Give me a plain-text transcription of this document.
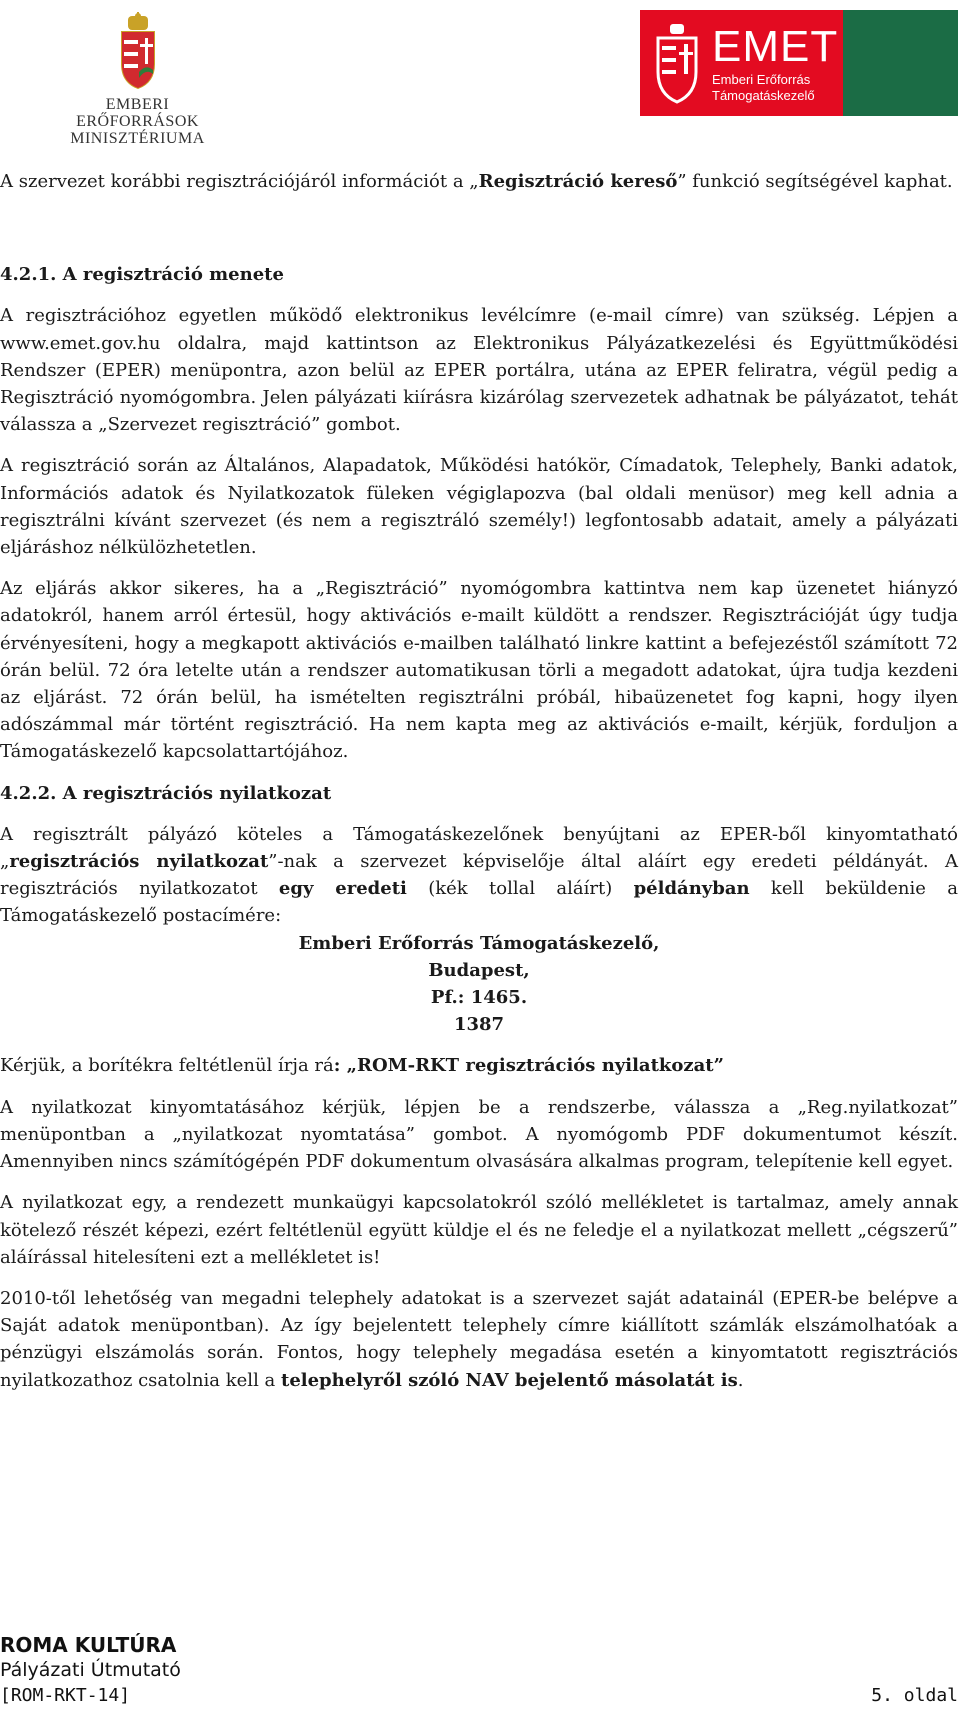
EMBERI ERŐFORRÁSOK
MINISZTÉRIUMA
EMET
Emberi Erőforrás
Támogatáskezelő

A szervezet korábbi regisztrációjáról információt a „Regisztráció kereső” funkció segítségével kaphat.

4.2.1. A regisztráció menete

A regisztrációhoz egyetlen működő elektronikus levélcímre (e-mail címre) van szükség. Lépjen a www.emet.gov.hu oldalra, majd kattintson az Elektronikus Pályázatkezelési és Együttműködési Rendszer (EPER) menüpontra, azon belül az EPER portálra, utána az EPER feliratra, végül pedig a Regisztráció nyomógombra. Jelen pályázati kiírásra kizárólag szervezetek adhatnak be pályázatot, tehát válassza a „Szervezet regisztráció” gombot.

A regisztráció során az Általános, Alapadatok, Működési hatókör, Címadatok, Telephely, Banki adatok, Információs adatok és Nyilatkozatok füleken végiglapozva (bal oldali menüsor) meg kell adnia a regisztrálni kívánt szervezet (és nem a regisztráló személy!) legfontosabb adatait, amely a pályázati eljáráshoz nélkülözhetetlen.

Az eljárás akkor sikeres, ha a „Regisztráció” nyomógombra kattintva nem kap üzenetet hiányzó adatokról, hanem arról értesül, hogy aktivációs e-mailt küldött a rendszer. Regisztrációját úgy tudja érvényesíteni, hogy a megkapott aktivációs e-mailben található linkre kattint a befejezéstől számított 72 órán belül. 72 óra letelte után a rendszer automatikusan törli a megadott adatokat, újra tudja kezdeni az eljárást. 72 órán belül, ha ismételten regisztrálni próbál, hibaüzenetet fog kapni, hogy ilyen adószámmal már történt regisztráció. Ha nem kapta meg az aktivációs e-mailt, kérjük, forduljon a Támogatáskezelő kapcsolattartójához.

4.2.2. A regisztrációs nyilatkozat

A regisztrált pályázó köteles a Támogatáskezelőnek benyújtani az EPER-ből kinyomtatható „regisztrációs nyilatkozat”-nak a szervezet képviselője által aláírt egy eredeti példányát. A regisztrációs nyilatkozatot egy eredeti (kék tollal aláírt) példányban kell beküldenie a Támogatáskezelő postacímére:

Emberi Erőforrás Támogatáskezelő,

Budapest,

Pf.: 1465.

1387

Kérjük, a borítékra feltétlenül írja rá: „ROM-RKT regisztrációs nyilatkozat”

A nyilatkozat kinyomtatásához kérjük, lépjen be a rendszerbe, válassza a „Reg.nyilatkozat” menüpontban a „nyilatkozat nyomtatása” gombot. A nyomógomb PDF dokumentumot készít. Amennyiben nincs számítógépén PDF dokumentum olvasására alkalmas program, telepítenie kell egyet.

A nyilatkozat egy, a rendezett munkaügyi kapcsolatokról szóló mellékletet is tartalmaz, amely annak kötelező részét képezi, ezért feltétlenül együtt küldje el és ne feledje el a nyilatkozat mellett „cégszerű” aláírással hitelesíteni ezt a mellékletet is!

2010-től lehetőség van megadni telephely adatokat is a szervezet saját adatainál (EPER-be belépve a Saját adatok menüpontban). Az így bejelentett telephely címre kiállított számlák elszámolhatóak a pénzügyi elszámolás során. Fontos, hogy telephely megadása esetén a kinyomtatott regisztrációs nyilatkozathoz csatolnia kell a telephelyről szóló NAV bejelentő másolatát is.

ROMA KULTÚRA
Pályázati Útmutató
[ROM-RKT-14]	5. oldal
